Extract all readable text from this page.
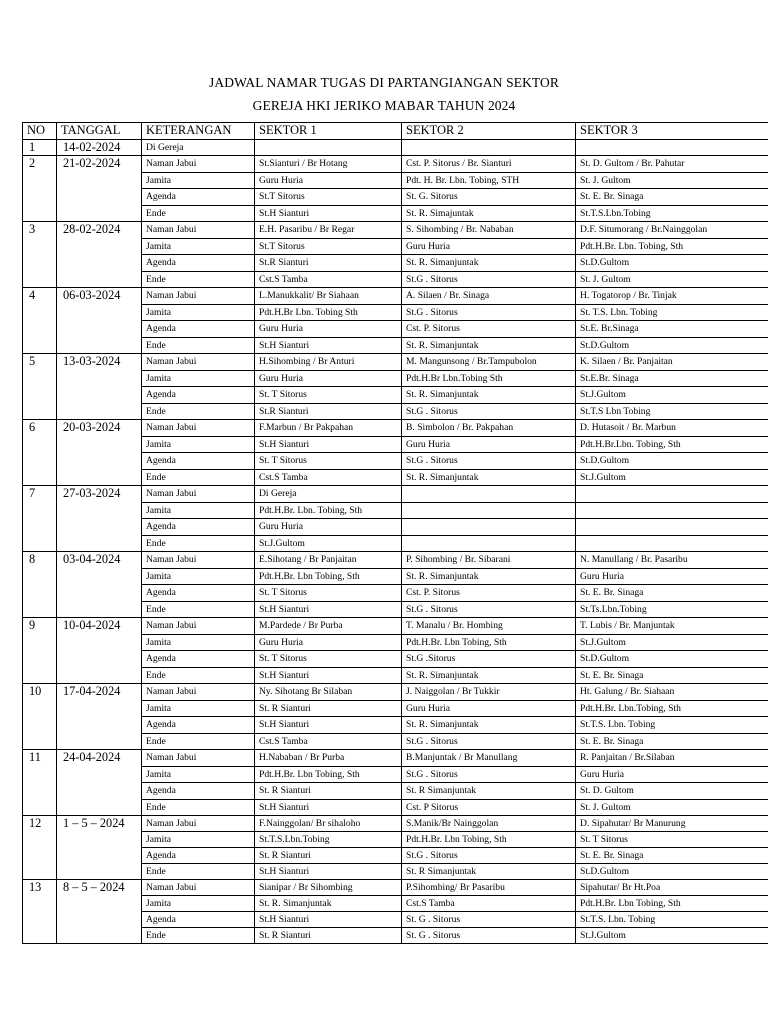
JADWAL NAMAR TUGAS DI PARTANGIANGAN SEKTOR
GEREJA HKI JERIKO MABAR TAHUN 2024
NO	TANGGAL	KETERANGAN	SEKTOR 1	SEKTOR 2	SEKTOR 3
1	14-02-2024	Di Gereja			
2	21-02-2024	Naman Jabui	St.Sianturi / Br Hotang	Cst. P. Sitorus / Br. Sianturi	St. D. Gultom / Br. Pahutar
		Jamita	Guru Huria	Pdt. H. Br. Lbn. Tobing, STH	St. J. Gultom
		Agenda	St.T Sitorus	St. G. Sitorus	St. E. Br. Sinaga
		Ende	St.H Sianturi	St. R. Simajuntak	St.T.S.Lbn.Tobing
3	28-02-2024	Naman Jabui	E.H. Pasaribu / Br Regar	S. Sihombing / Br. Nababan	D.F. Situmorang / Br.Nainggolan
		Jamita	St.T Sitorus	Guru Huria	Pdt.H.Br. Lbn. Tobing, Sth
		Agenda	St.R Sianturi	St. R. Simanjuntak	St.D.Gultom
		Ende	Cst.S Tamba	St.G . Sitorus	St. J. Gultom
4	06-03-2024	Naman Jabui	L.Manukkalit/ Br Siahaan	A. Silaen / Br. Sinaga	H. Togatorop / Br. Tinjak
		Jamita	Pdt.H.Br Lbn. Tobing Sth	St.G . Sitorus	St. T.S. Lbn. Tobing
		Agenda	Guru Huria	Cst. P. Sitorus	St.E. Br.Sinaga
		Ende	St.H Sianturi	St. R. Simanjuntak	St.D.Gultom
5	13-03-2024	Naman Jabui	H.Sihombing / Br Anturi	M. Mangunsong / Br.Tampubolon	K. Silaen / Br. Panjaitan
		Jamita	Guru Huria	Pdt.H.Br Lbn.Tobing Sth	St.E.Br. Sinaga
		Agenda	St. T Sitorus	St. R. Simanjuntak	St.J.Gultom
		Ende	St.R Sianturi	St.G . Sitorus	St.T.S Lbn Tobing
6	20-03-2024	Naman Jabui	F.Marbun / Br Pakpahan	B. Simbolon / Br. Pakpahan	D. Hutasoit / Br. Marbun
		Jamita	St.H Sianturi	Guru Huria	Pdt.H.Br.Lbn. Tobing, Sth
		Agenda	St. T Sitorus	St.G . Sitorus	St.D.Gultom
		Ende	Cst.S Tamba	St. R. Simanjuntak	St.J.Gultom
7	27-03-2024	Naman Jabui	Di Gereja		
		Jamita	Pdt.H.Br. Lbn. Tobing, Sth		
		Agenda	Guru Huria		
		Ende	St.J.Gultom		
8	03-04-2024	Naman Jabui	E.Sihotang / Br Panjaitan	P. Sihombing / Br. Sibarani	N. Manullang / Br. Pasaribu
		Jamita	Pdt.H.Br. Lbn Tobing, Sth	St. R. Simanjuntak	Guru Huria
		Agenda	St. T Sitorus	Cst. P. Sitorus	St. E. Br. Sinaga
		Ende	St.H Sianturi	St.G . Sitorus	St.Ts.Lbn.Tobing
9	10-04-2024	Naman Jabui	M.Pardede / Br Purba	T. Manalu / Br. Hombing	T. Lubis / Br. Manjuntak
		Jamita	Guru Huria	Pdt.H.Br. Lbn Tobing, Sth	St.J.Gultom
		Agenda	St. T Sitorus	St.G .Sitorus	St.D.Gultom
		Ende	St.H Sianturi	St. R. Simanjuntak	St. E. Br. Sinaga
10	17-04-2024	Naman Jabui	Ny. Sihotang Br Silaban	J. Naiggolan / Br Tukkir	Ht. Galung / Br. Siahaan
		Jamita	St. R Sianturi	Guru Huria	Pdt.H.Br. Lbn.Tobing, Sth
		Agenda	St.H Sianturi	St. R. Simanjuntak	St.T.S. Lbn. Tobing
		Ende	Cst.S Tamba	St.G . Sitorus	St. E. Br. Sinaga
11	24-04-2024	Naman Jabui	H.Nababan / Br Purba	B.Manjuntak / Br Manullang	R. Panjaitan / Br.Silaban
		Jamita	Pdt.H.Br. Lbn Tobing, Sth	St.G . Sitorus	Guru Huria
		Agenda	St. R Sianturi	St. R Simanjuntak	St. D. Gultom
		Ende	St.H Sianturi	Cst. P Sitorus	St. J. Gultom
12	1 – 5 – 2024	Naman Jabui	F.Nainggolan/ Br sihaloho	S.Manik/Br Nainggolan	D. Sipahutar/ Br Manurung
		Jamita	St.T.S.Lbn.Tobing	Pdt.H.Br. Lbn Tobing, Sth	St. T Sitorus
		Agenda	St. R Sianturi	St.G . Sitorus	St. E. Br. Sinaga
		Ende	St.H Sianturi	St. R Simanjuntak	St.D.Gultom
13	8 – 5 – 2024	Naman Jabui	Sianipar / Br Sihombing	P.Sihombing/ Br Pasaribu	Sipahutar/ Br Ht.Poa
		Jamita	St. R. Simanjuntak	Cst.S Tamba	Pdt.H.Br. Lbn Tobing, Sth
		Agenda	St.H Sianturi	St. G . Sitorus	St.T.S. Lbn. Tobing
		Ende	St. R Sianturi	St. G . Sitorus	St.J.Gultom
